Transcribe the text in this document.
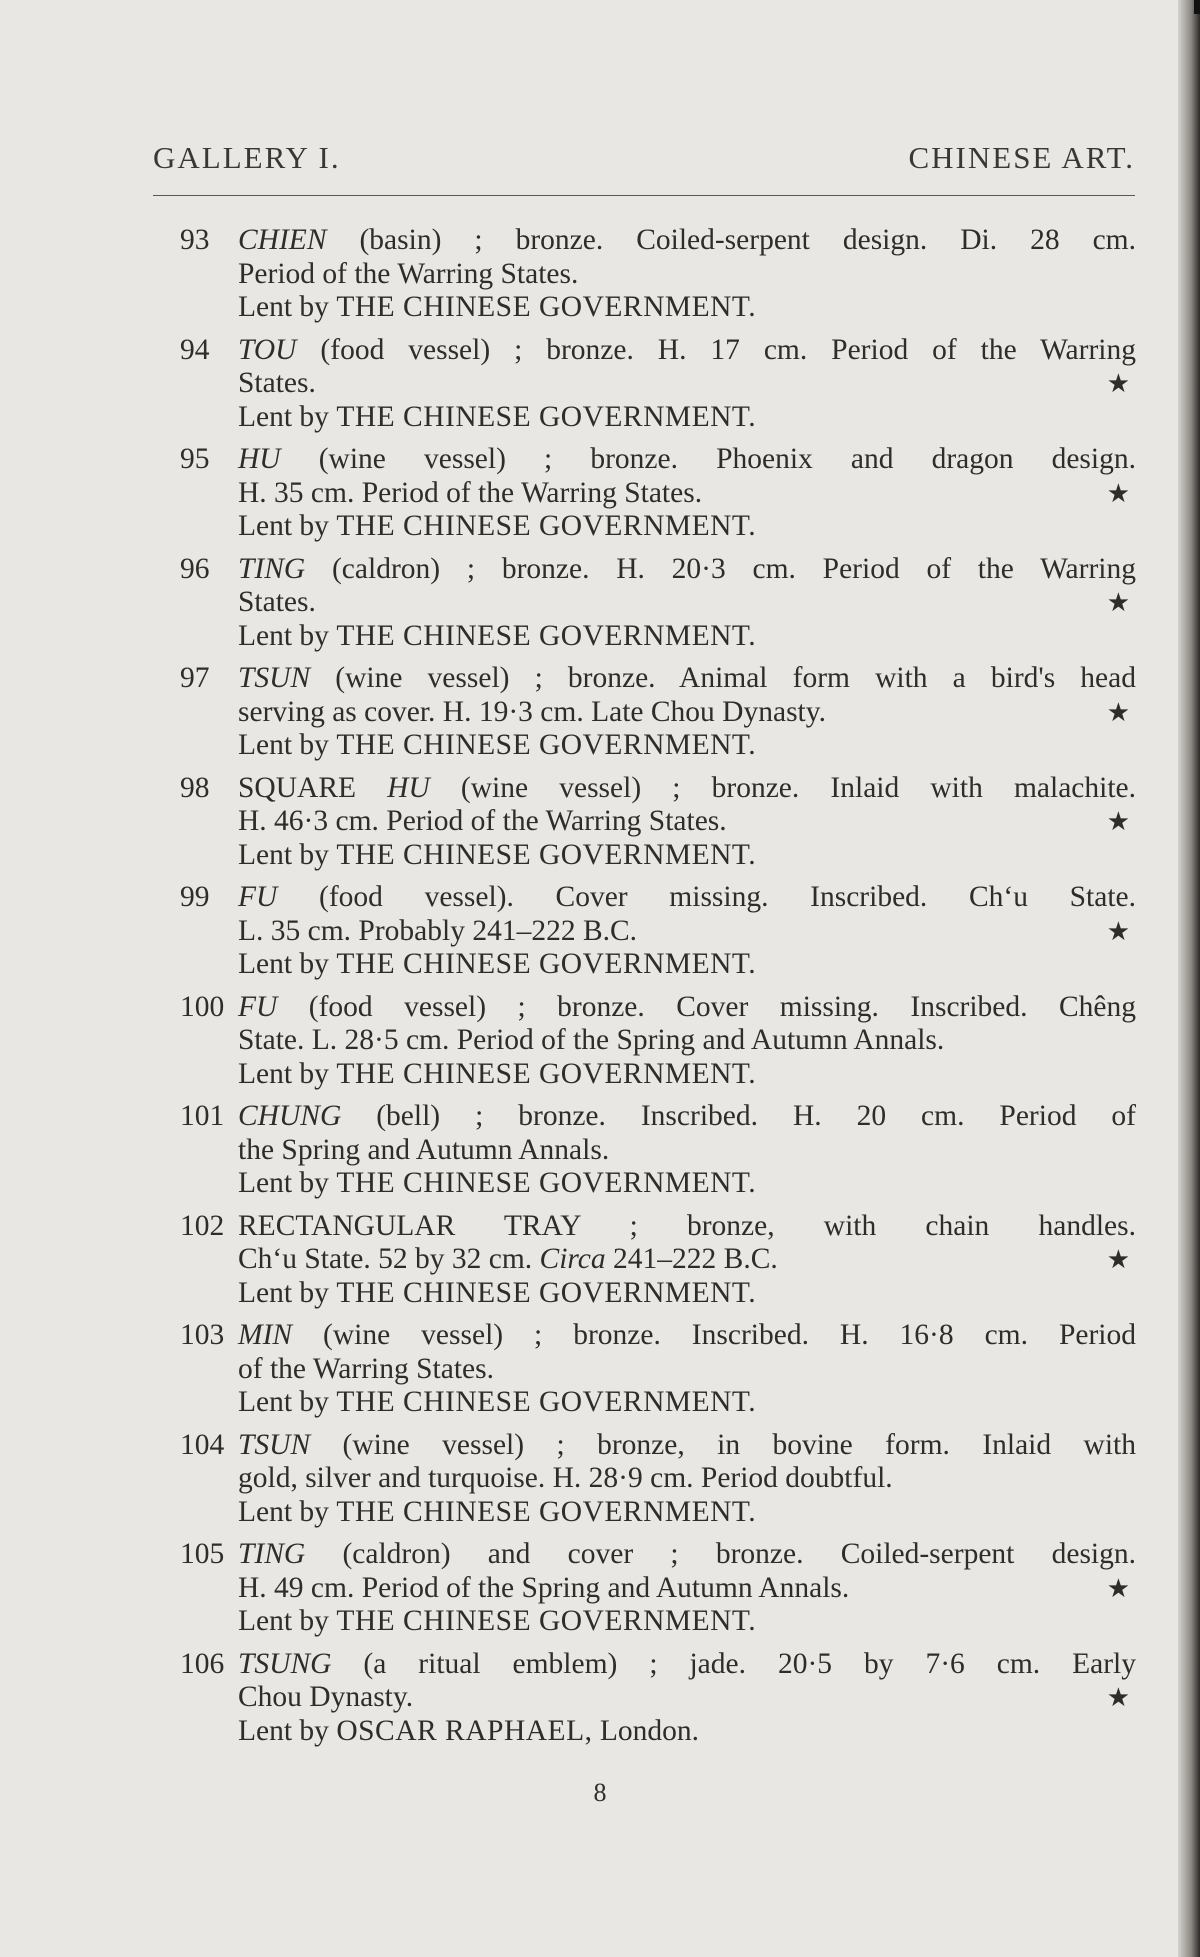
GALLERY I.	CHINESE ART.
93 CHIEN (basin) ; bronze. Coiled-serpent design. Di. 28 cm.
Period of the Warring States.
Lent by THE CHINESE GOVERNMENT.
94 TOU (food vessel) ; bronze. H. 17 cm. Period of the Warring
States.	★
Lent by THE CHINESE GOVERNMENT.
95 HU (wine vessel) ; bronze. Phoenix and dragon design.
H. 35 cm. Period of the Warring States.	★
Lent by THE CHINESE GOVERNMENT.
96 TING (caldron) ; bronze. H. 20·3 cm. Period of the Warring
States.	★
Lent by THE CHINESE GOVERNMENT.
97 TSUN (wine vessel) ; bronze. Animal form with a bird's head
serving as cover. H. 19·3 cm. Late Chou Dynasty.	★
Lent by THE CHINESE GOVERNMENT.
98 SQUARE HU (wine vessel) ; bronze. Inlaid with malachite.
H. 46·3 cm. Period of the Warring States.	★
Lent by THE CHINESE GOVERNMENT.
99 FU (food vessel). Cover missing. Inscribed. Ch‘u State.
L. 35 cm. Probably 241–222 B.C.	★
Lent by THE CHINESE GOVERNMENT.
100 FU (food vessel) ; bronze. Cover missing. Inscribed. Chêng
State. L. 28·5 cm. Period of the Spring and Autumn Annals.
Lent by THE CHINESE GOVERNMENT.
101 CHUNG (bell) ; bronze. Inscribed. H. 20 cm. Period of
the Spring and Autumn Annals.
Lent by THE CHINESE GOVERNMENT.
102 RECTANGULAR TRAY ; bronze, with chain handles.
Ch‘u State. 52 by 32 cm. Circa 241–222 B.C.	★
Lent by THE CHINESE GOVERNMENT.
103 MIN (wine vessel) ; bronze. Inscribed. H. 16·8 cm. Period
of the Warring States.
Lent by THE CHINESE GOVERNMENT.
104 TSUN (wine vessel) ; bronze, in bovine form. Inlaid with
gold, silver and turquoise. H. 28·9 cm. Period doubtful.
Lent by THE CHINESE GOVERNMENT.
105 TING (caldron) and cover ; bronze. Coiled-serpent design.
H. 49 cm. Period of the Spring and Autumn Annals.	★
Lent by THE CHINESE GOVERNMENT.
106 TSUNG (a ritual emblem) ; jade. 20·5 by 7·6 cm. Early
Chou Dynasty.	★
Lent by OSCAR RAPHAEL, London.
8
